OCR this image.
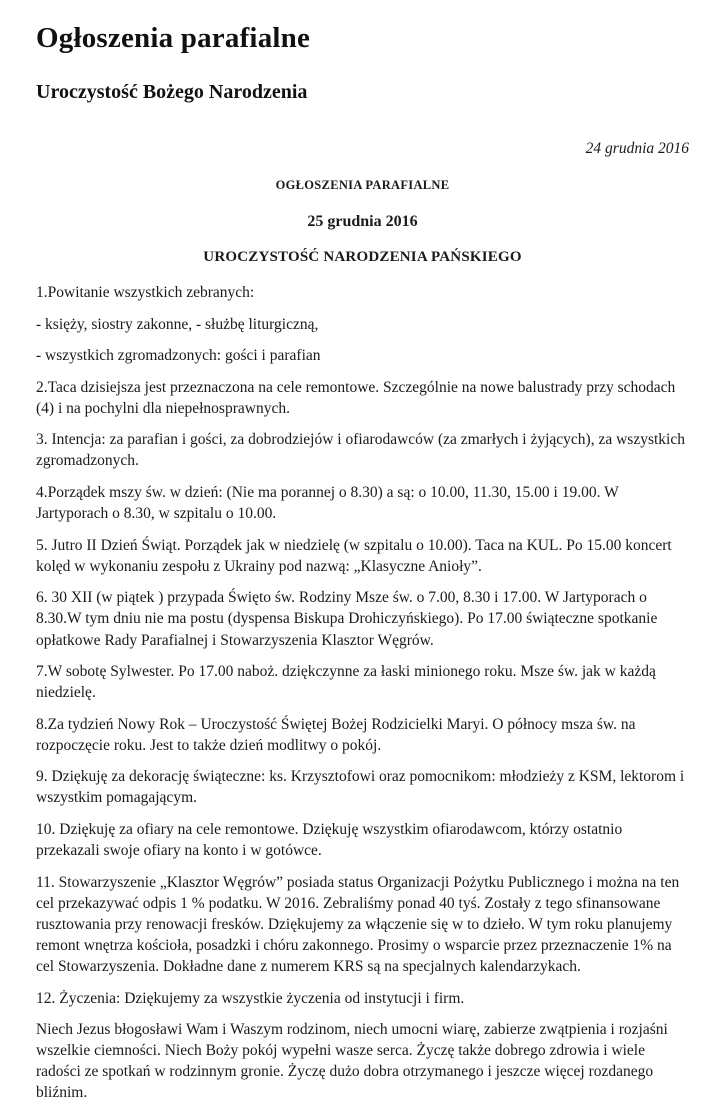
Ogłoszenia parafialne
Uroczystość Bożego Narodzenia
24 grudnia 2016
OGŁOSZENIA PARAFIALNE
25 grudnia 2016
UROCZYSTOŚĆ NARODZENIA PAŃSKIEGO

1.Powitanie wszystkich zebranych:

- księży, siostry zakonne, - służbę liturgiczną,

- wszystkich zgromadzonych: gości i parafian

2.Taca dzisiejsza jest przeznaczona na cele remontowe. Szczególnie na nowe balustrady przy schodach (4) i na pochylni dla niepełnosprawnych.

3. Intencja: za parafian i gości, za dobrodziejów i ofiarodawców (za zmarłych i żyjących), za wszystkich zgromadzonych.

4.Porządek mszy św. w dzień: (Nie ma porannej o 8.30) a są: o 10.00, 11.30, 15.00 i 19.00. W Jartyporach o 8.30, w szpitalu o 10.00.

5. Jutro II Dzień Świąt. Porządek jak w niedzielę (w szpitalu o 10.00). Taca na KUL. Po 15.00 koncert kolęd w wykonaniu zespołu z Ukrainy pod nazwą: „Klasyczne Anioły”.

6. 30 XII (w piątek ) przypada Święto św. Rodziny Msze św. o 7.00, 8.30 i 17.00. W Jartyporach o 8.30.W tym dniu nie ma postu (dyspensa Biskupa Drohiczyńskiego). Po 17.00 świąteczne spotkanie opłatkowe Rady Parafialnej i Stowarzyszenia Klasztor Węgrów.

7.W sobotę Sylwester. Po 17.00 naboż. dziękczynne za łaski minionego roku. Msze św. jak w każdą niedzielę.

8.Za tydzień Nowy Rok – Uroczystość Świętej Bożej Rodzicielki Maryi. O północy msza św. na rozpoczęcie roku. Jest to także dzień modlitwy o pokój.

9. Dziękuję za dekorację świąteczne: ks. Krzysztofowi oraz pomocnikom: młodzieży z KSM, lektorom i wszystkim pomagającym.

10. Dziękuję za ofiary na cele remontowe. Dziękuję wszystkim ofiarodawcom, którzy ostatnio przekazali swoje ofiary na konto i w gotówce.

11. Stowarzyszenie „Klasztor Węgrów” posiada status Organizacji Pożytku Publicznego i można na ten cel przekazywać odpis 1 % podatku. W 2016. Zebraliśmy ponad 40 tyś. Zostały z tego sfinansowane rusztowania przy renowacji fresków. Dziękujemy za włączenie się w to dzieło. W tym roku planujemy remont wnętrza kościoła, posadzki i chóru zakonnego. Prosimy o wsparcie przez przeznaczenie 1% na cel Stowarzyszenia. Dokładne dane z numerem KRS są na specjalnych kalendarzykach.

12. Życzenia: Dziękujemy za wszystkie życzenia od instytucji i firm.

Niech Jezus błogosławi Wam i Waszym rodzinom, niech umocni wiarę, zabierze zwątpienia i rozjaśni wszelkie ciemności. Niech Boży pokój wypełni wasze serca. Życzę także dobrego zdrowia i wiele radości ze spotkań w rodzinnym gronie. Życzę dużo dobra otrzymanego i jeszcze więcej rozdanego bliźnim.
